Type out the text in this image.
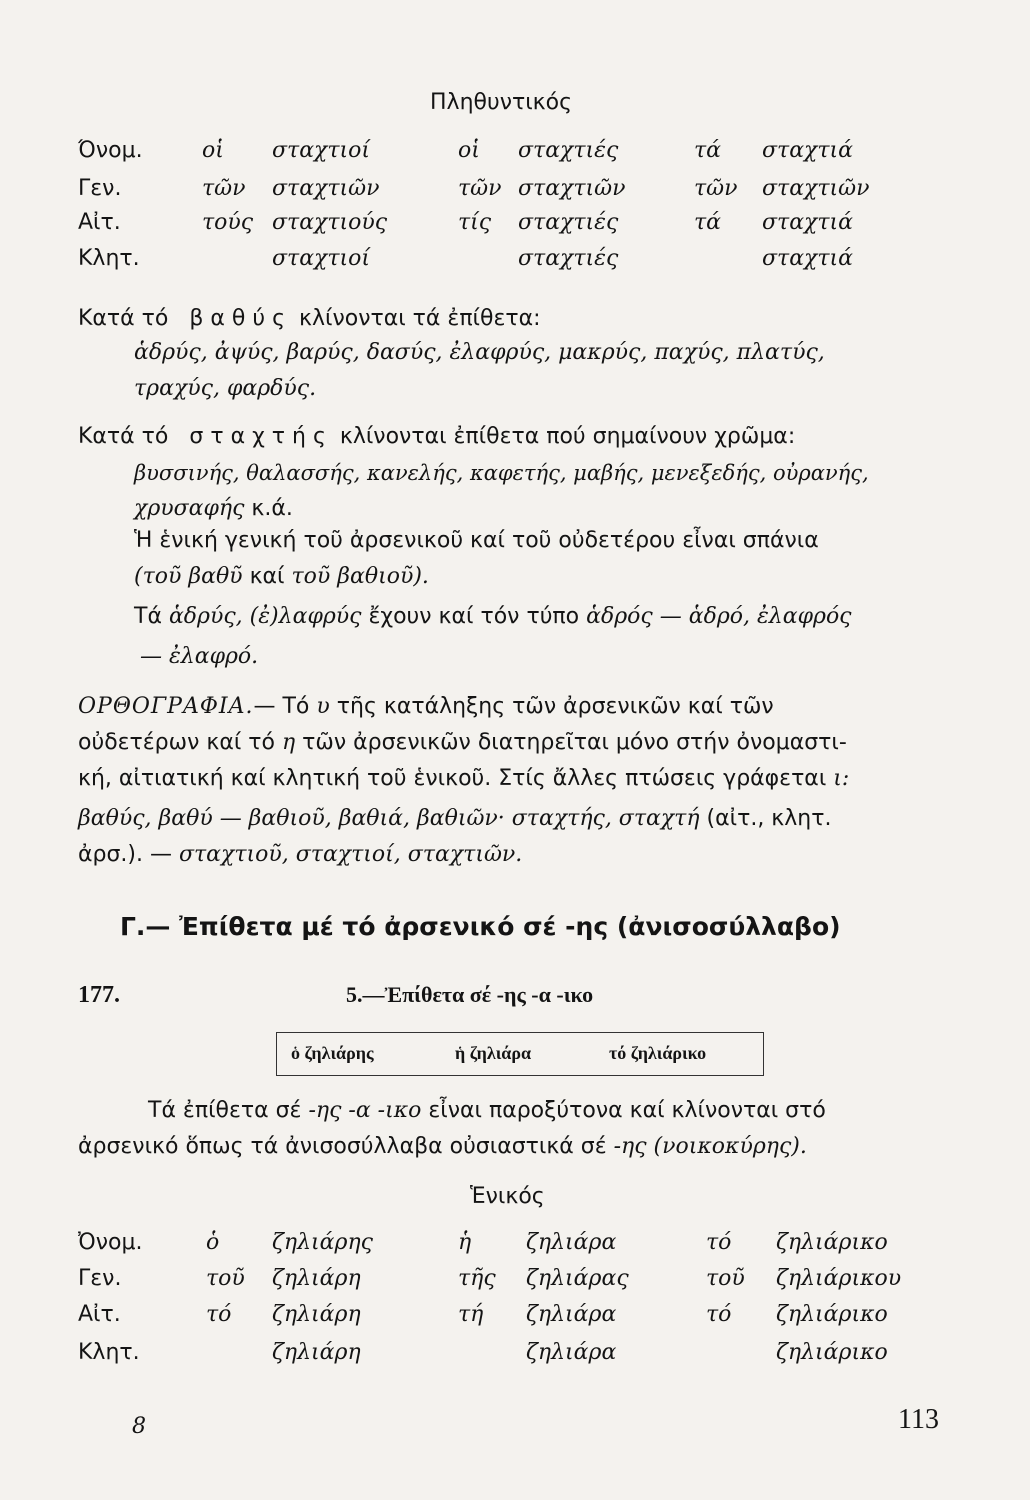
Πληθυντικός
Όνομ.	οἱ σταχτιοί	οἱ σταχτιές	τά σταχτιά
Γεν.	τῶν σταχτιῶν	τῶν σταχτιῶν	τῶν σταχτιῶν
Αἰτ.	τούς σταχτιούς	τίς σταχτιές	τά σταχτιά
Κλητ.	σταχτιοί	σταχτιές	σταχτιά
Κατά τό βαθύς κλίνονται τά ἐπίθετα:
ἁδρύς, ἀψύς, βαρύς, δασύς, ἐλαφρύς, μακρύς, παχύς, πλατύς,
τραχύς, φαρδύς.
Κατά τό σταχτής κλίνονται ἐπίθετα πού σημαίνουν χρῶμα:
βυσσινής, θαλασσής, κανελής, καφετής, μαβής, μενεξεδής, οὐρανής,
χρυσαφής κ.ά.
Ἡ ἑνική γενική τοῦ ἀρσενικοῦ καί τοῦ οὐδετέρου εἶναι σπάνια
(τοῦ βαθῦ καί τοῦ βαθιοῦ).
Τά ἁδρύς, (ἐ)λαφρύς ἔχουν καί τόν τύπο ἁδρός — ἁδρό, ἐλαφρός
— ἐλαφρό.
ΟΡΘΟΓΡΑΦΙΑ.— Τό υ τῆς κατάληξης τῶν ἀρσενικῶν καί τῶν
οὐδετέρων καί τό η τῶν ἀρσενικῶν διατηρεῖται μόνο στήν ὀνομαστι-
κή, αἰτιατική καί κλητική τοῦ ἑνικοῦ. Στίς ἄλλες πτώσεις γράφεται ι:
βαθύς, βαθύ — βαθιοῦ, βαθιά, βαθιῶν· σταχτής, σταχτή (αἰτ., κλητ.
ἀρσ.). — σταχτιοῦ, σταχτιοί, σταχτιῶν.
Γ.— Ἐπίθετα μέ τό ἀρσενικό σέ -ης (ἀνισοσύλλαβο)
177.	5.—Ἐπίθετα σέ -ης -α -ικο
ὁ ζηλιάρης	ἡ ζηλιάρα	τό ζηλιάρικο
Τά ἐπίθετα σέ -ης -α -ικο εἶναι παροξύτονα καί κλίνονται στό
ἀρσενικό ὅπως τά ἀνισοσύλλαβα οὐσιαστικά σέ -ης (νοικοκύρης).
Ἑνικός
Ὀνομ.	ὁ ζηλιάρης	ἡ ζηλιάρα	τό ζηλιάρικο
Γεν.	τοῦ ζηλιάρη	τῆς ζηλιάρας	τοῦ ζηλιάρικου
Αἰτ.	τό ζηλιάρη	τή ζηλιάρα	τό ζηλιάρικο
Κλητ.	ζηλιάρη	ζηλιάρα	ζηλιάρικο
8	113
